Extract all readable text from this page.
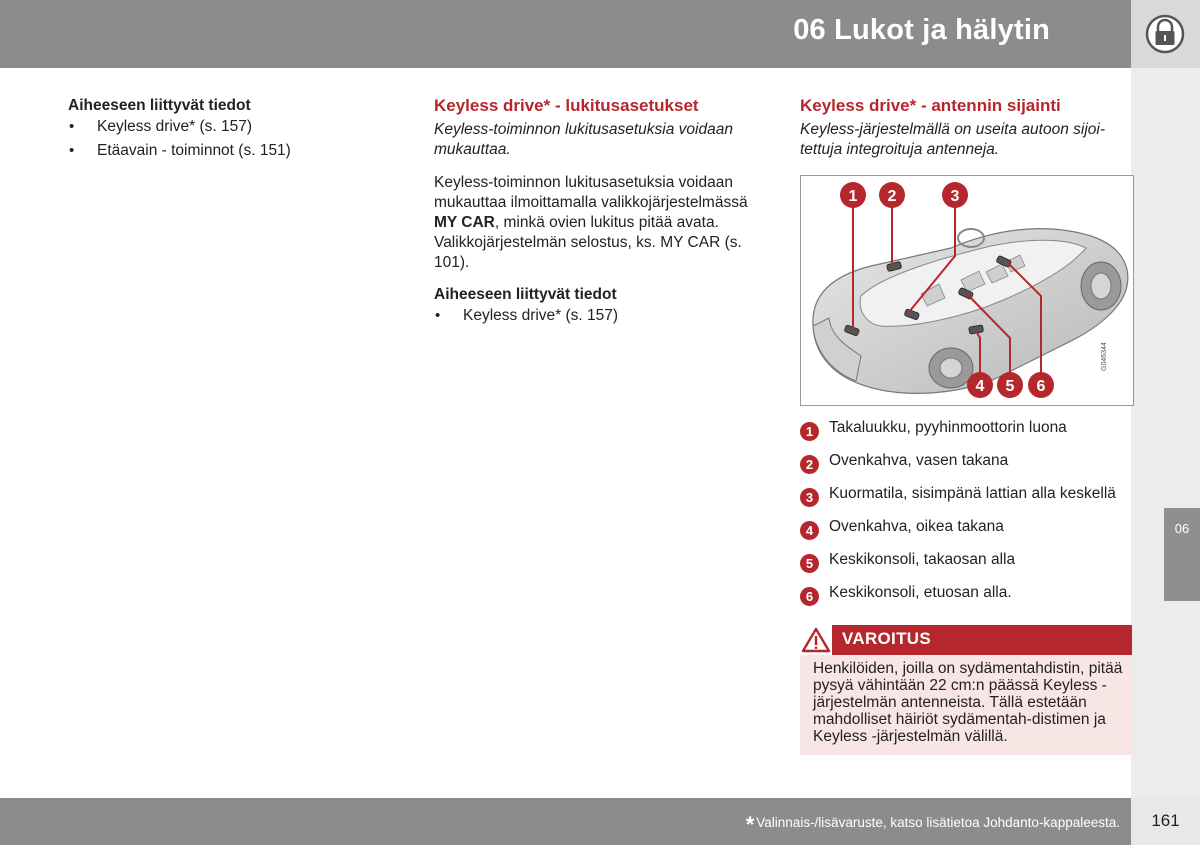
06 Lukot ja hälytin
06
Aiheeseen liittyvät tiedot
• Keyless drive* (s. 157)
• Etäavain - toiminnot (s. 151)
Keyless drive* - lukitusasetukset
Keyless-toiminnon lukitusasetuksia voidaan mukauttaa.
Keyless-toiminnon lukitusasetuksia voidaan mukauttaa ilmoittamalla valikkojärjestelmässä MY CAR, minkä ovien lukitus pitää avata. Valikkojärjestelmän selostus, ks. MY CAR (s. 101).
Aiheeseen liittyvät tiedot
• Keyless drive* (s. 157)
Keyless drive* - antennin sijainti
Keyless-järjestelmällä on useita autoon sijoi-tettuja integroituja antenneja.
1 2	3
4 5 6
G046344
1	Takaluukku, pyyhinmoottorin luona
2	Ovenkahva, vasen takana
3	Kuormatila, sisimpänä lattian alla keskellä
4	Ovenkahva, oikea takana
5	Keskikonsoli, takaosan alla
6	Keskikonsoli, etuosan alla.
VAROITUS
Henkilöiden, joilla on sydämentahdistin, pitää pysyä vähintään 22 cm:n päässä Keyless -järjestelmän antenneista. Tällä estetään mahdolliset häiriöt sydämentah-distimen ja Keyless -järjestelmän välillä.
* Valinnais-/lisävaruste, katso lisätietoa Johdanto-kappaleesta.	161
